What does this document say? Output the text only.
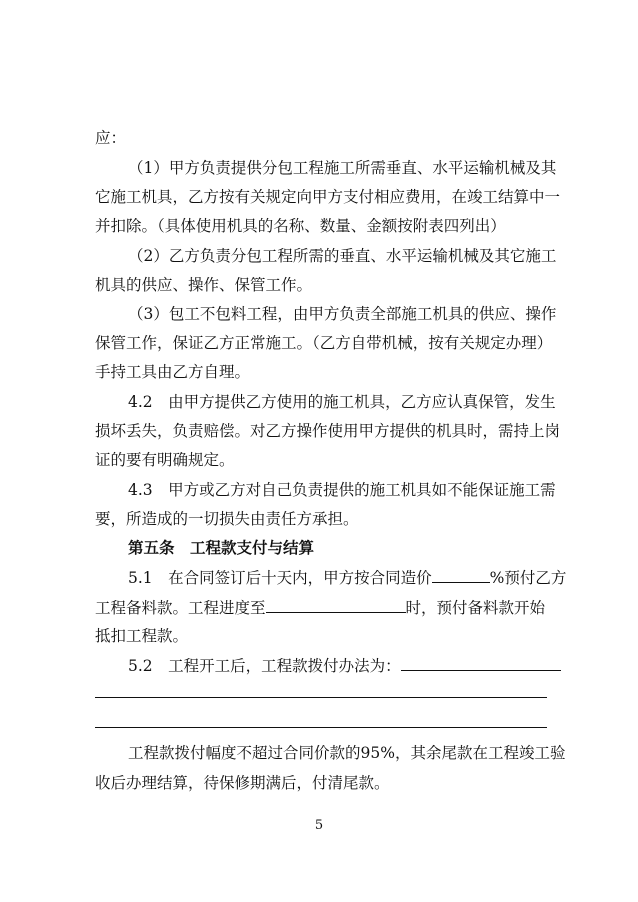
应：
（1）甲方负责提供分包工程施工所需垂直、水平运输机械及其
它施工机具，乙方按有关规定向甲方支付相应费用，在竣工结算中一
并扣除。（具体使用机具的名称、数量、金额按附表四列出）
（2）乙方负责分包工程所需的垂直、水平运输机械及其它施工
机具的供应、操作、保管工作。
（3）包工不包料工程，由甲方负责全部施工机具的供应、操作
保管工作，保证乙方正常施工。（乙方自带机械，按有关规定办理）
手持工具由乙方自理。
4.2　由甲方提供乙方使用的施工机具，乙方应认真保管，发生
损坏丢失，负责赔偿。对乙方操作使用甲方提供的机具时，需持上岗
证的要有明确规定。
4.3　甲方或乙方对自己负责提供的施工机具如不能保证施工需
要，所造成的一切损失由责任方承担。
第五条　工程款支付与结算
5.1　在合同签订后十天内，甲方按合同造价	%预付乙方
工程备料款。工程进度至	时，预付备料款开始
抵扣工程款。
5.2　工程开工后，工程款拨付办法为：
工程款拨付幅度不超过合同价款的95%，其余尾款在工程竣工验
收后办理结算，待保修期满后，付清尾款。
5
